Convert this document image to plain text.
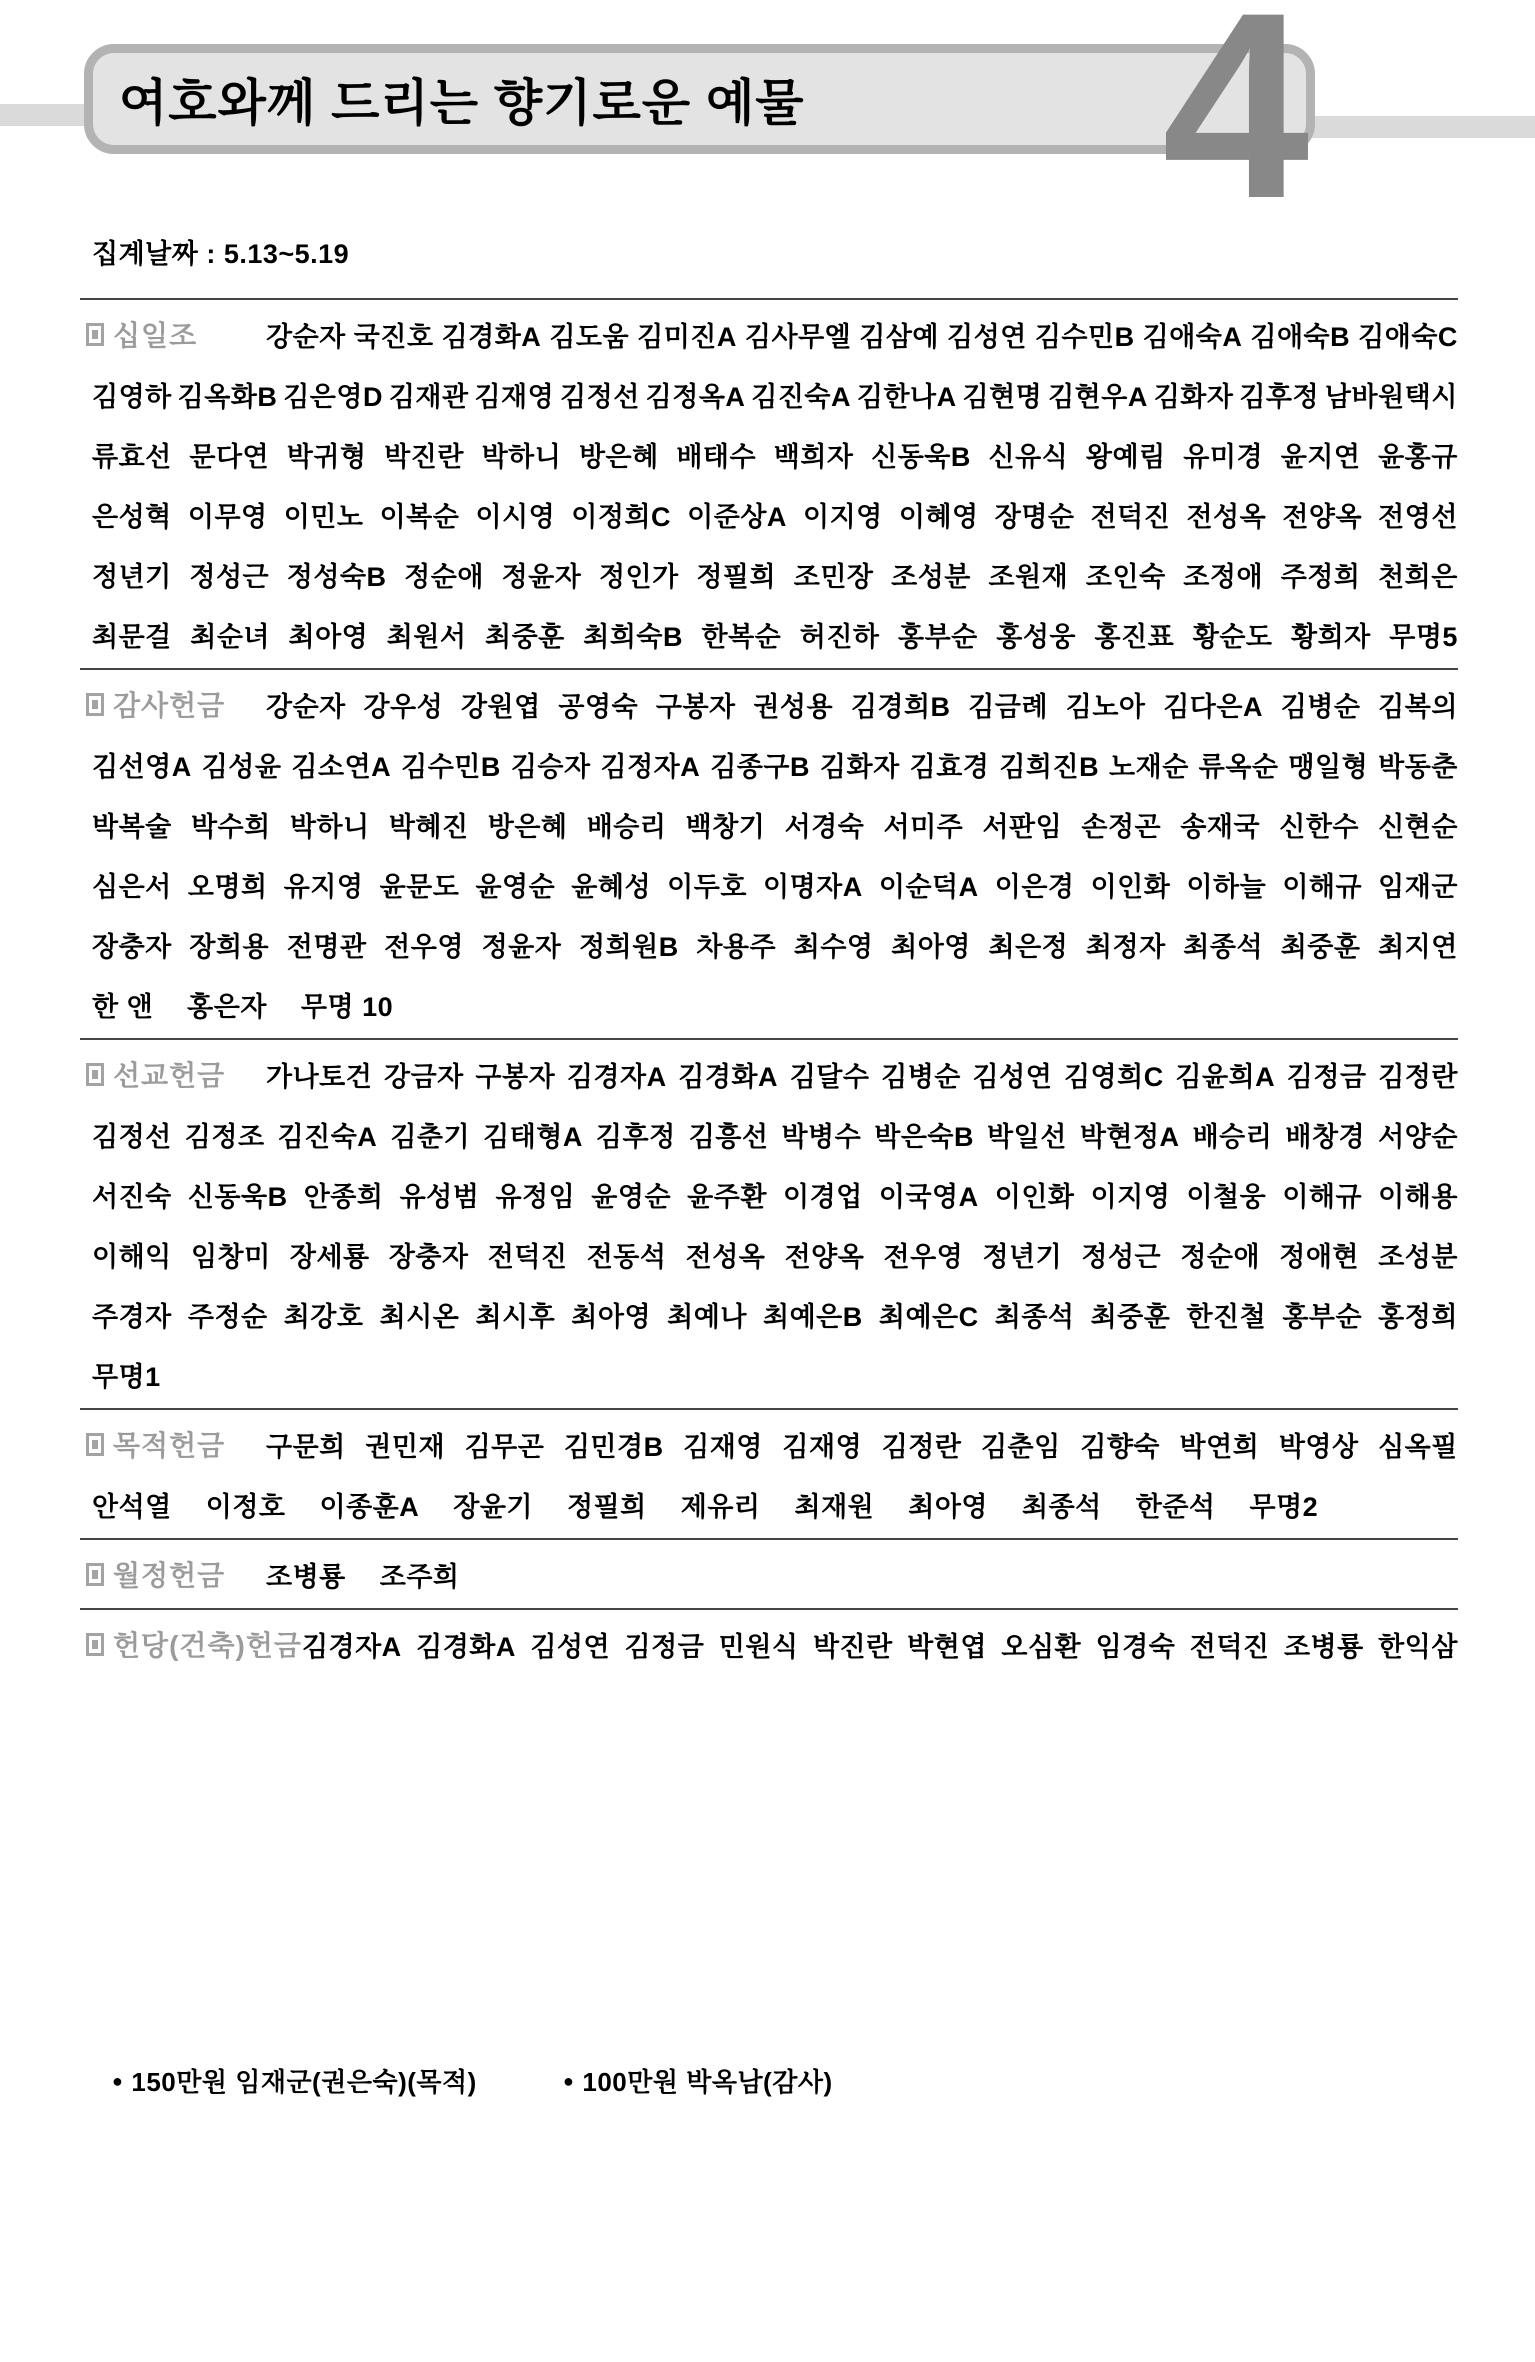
여호와께 드리는 향기로운 예물 4
집계날짜 : 5.13~5.19
십일조	강순자 국진호 김경화A 김도움 김미진A 김사무엘 김삼예 김성연 김수민B 김애숙A 김애숙B 김애숙C
김영하 김옥화B 김은영D 김재관 김재영 김정선 김정옥A 김진숙A 김한나A 김현명 김현우A 김화자 김후정 남바원택시
류효선 문다연 박귀형 박진란 박하니 방은혜 배태수 백희자 신동욱B 신유식 왕예림 유미경 윤지연 윤홍규
은성혁 이무영 이민노 이복순 이시영 이정희C 이준상A 이지영 이혜영 장명순 전덕진 전성옥 전양옥 전영선
정년기 정성근 정성숙B 정순애 정윤자 정인가 정필희 조민장 조성분 조원재 조인숙 조정애 주정희 천희은
최문걸 최순녀 최아영 최원서 최중훈 최희숙B 한복순 허진하 홍부순 홍성웅 홍진표 황순도 황희자 무명5
감사헌금 강순자 강우성 강원엽 공영숙 구봉자 권성용 김경희B 김금례 김노아 김다은A 김병순 김복의
김선영A 김성윤 김소연A 김수민B 김승자 김정자A 김종구B 김화자 김효경 김희진B 노재순 류옥순 맹일형 박동춘
박복술 박수희 박하니 박혜진 방은혜 배승리 백창기 서경숙 서미주 서판임 손정곤 송재국 신한수 신현순
심은서 오명희 유지영 윤문도 윤영순 윤혜성 이두호 이명자A 이순덕A 이은경 이인화 이하늘 이해규 임재군
장충자 장희용 전명관 전우영 정윤자 정희원B 차용주 최수영 최아영 최은정 최정자 최종석 최중훈 최지연
한 앤 홍은자 무명 10
선교헌금 가나토건 강금자 구봉자 김경자A 김경화A 김달수 김병순 김성연 김영희C 김윤희A 김정금 김정란
김정선 김정조 김진숙A 김춘기 김태형A 김후정 김흥선 박병수 박은숙B 박일선 박현정A 배승리 배창경 서양순
서진숙 신동욱B 안종희 유성범 유정임 윤영순 윤주환 이경업 이국영A 이인화 이지영 이철웅 이해규 이해용
이해익 임창미 장세룡 장충자 전덕진 전동석 전성옥 전양옥 전우영 정년기 정성근 정순애 정애현 조성분
주경자 주정순 최강호 최시온 최시후 최아영 최예나 최예은B 최예은C 최종석 최중훈 한진철 홍부순 홍정희
무명1
목적헌금 구문희 권민재 김무곤 김민경B 김재영 김재영 김정란 김춘임 김향숙 박연희 박영상 심옥필
안석열 이정호 이종훈A 장윤기 정필희 제유리 최재원 최아영 최종석 한준석 무명2
월정헌금 조병룡 조주희
헌당(건축)헌금 김경자A 김경화A 김성연 김정금 민원식 박진란 박현엽 오심환 임경숙 전덕진 조병룡 한익삼
● 150만원 임재군(권은숙)(목적)	● 100만원 박옥남(감사)
